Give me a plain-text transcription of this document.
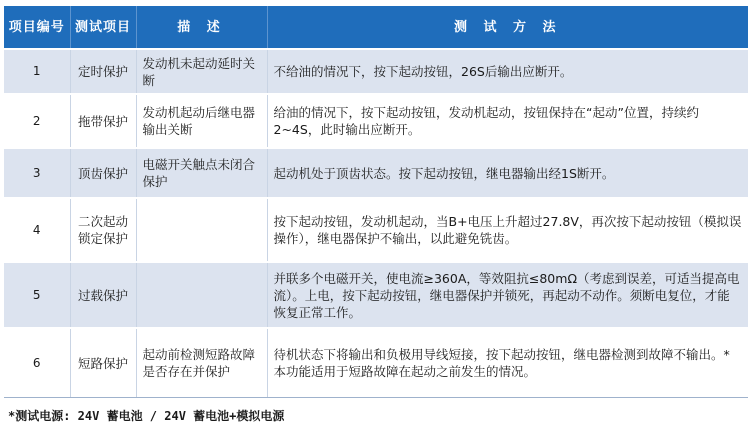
项目编号	测试项目	描 述	测 试 方 法
1	定时保护	发动机未起动延时关断	不给油的情况下，按下起动按钮，26S后输出应断开。
2	拖带保护	发动机起动后继电器输出关断	给油的情况下，按下起动按钮，发动机起动，按钮保持在“起动”位置，持续约2~4S，此时输出应断开。
3	顶齿保护	电磁开关触点未闭合保护	起动机处于顶齿状态。按下起动按钮，继电器输出经1S断开。
4	二次起动锁定保护		按下起动按钮，发动机起动，当B+电压上升超过27.8V，再次按下起动按钮（模拟误操作），继电器保护不输出，以此避免铣齿。
5	过载保护		并联多个电磁开关，使电流≥360A，等效阻抗≤80mΩ（考虑到误差，可适当提高电流）。上电，按下起动按钮，继电器保护并锁死，再起动不动作。须断电复位，才能恢复正常工作。
6	短路保护	起动前检测短路故障是否存在并保护	待机状态下将输出和负极用导线短接，按下起动按钮，继电器检测到故障不输出。*本功能适用于短路故障在起动之前发生的情况。
*测试电源: 24V 蓄电池 / 24V 蓄电池+模拟电源
